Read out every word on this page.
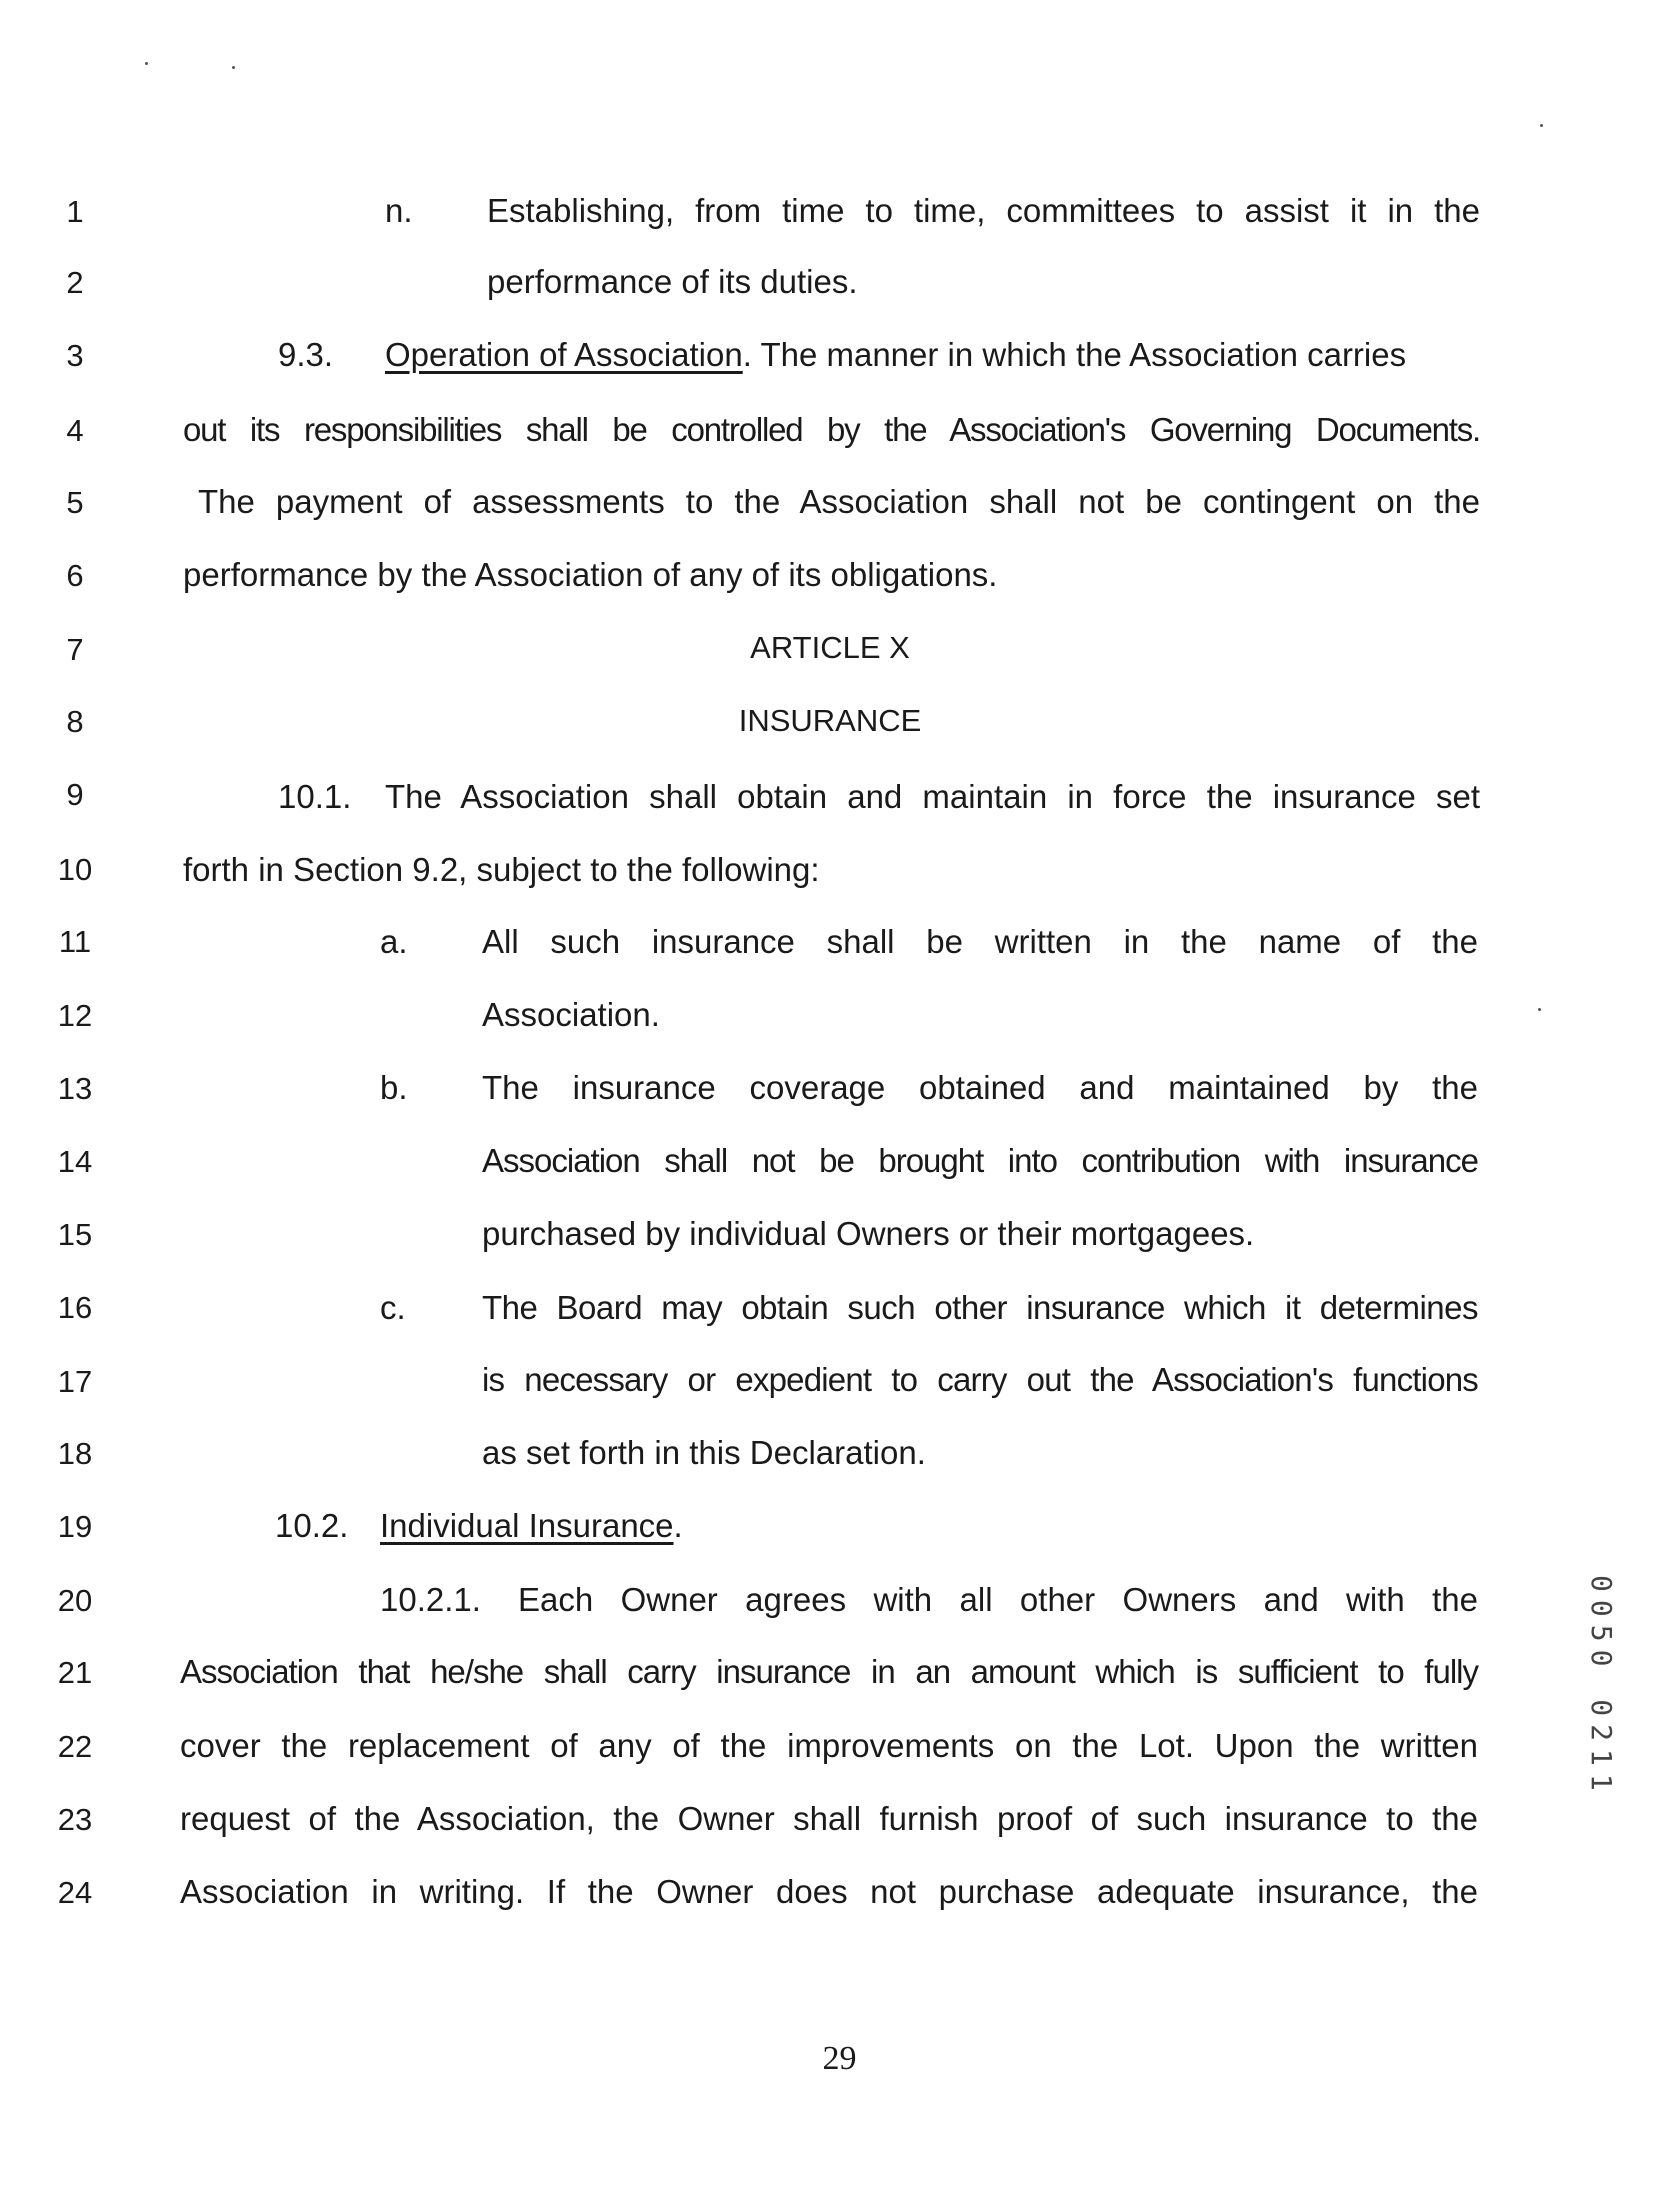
1
2
3
4
5
6
7
8
9
10
11
12
13
14
15
16
17
18
19
20
21
22
23
24
n. Establishing, from time to time, committees to assist it in the
performance of its duties.
9.3. Operation of Association. The manner in which the Association carries
out its responsibilities shall be controlled by the Association's Governing Documents.
The payment of assessments to the Association shall not be contingent on the
performance by the Association of any of its obligations.
ARTICLE X
INSURANCE
10.1. The Association shall obtain and maintain in force the insurance set
forth in Section 9.2, subject to the following:
a. All such insurance shall be written in the name of the
Association.
b. The insurance coverage obtained and maintained by the
Association shall not be brought into contribution with insurance
purchased by individual Owners or their mortgagees.
c. The Board may obtain such other insurance which it determines
is necessary or expedient to carry out the Association's functions
as set forth in this Declaration.
10.2. Individual Insurance.
10.2.1. Each Owner agrees with all other Owners and with the
Association that he/she shall carry insurance in an amount which is sufficient to fully
cover the replacement of any of the improvements on the Lot. Upon the written
request of the Association, the Owner shall furnish proof of such insurance to the
Association in writing. If the Owner does not purchase adequate insurance, the
29
0050 0211
